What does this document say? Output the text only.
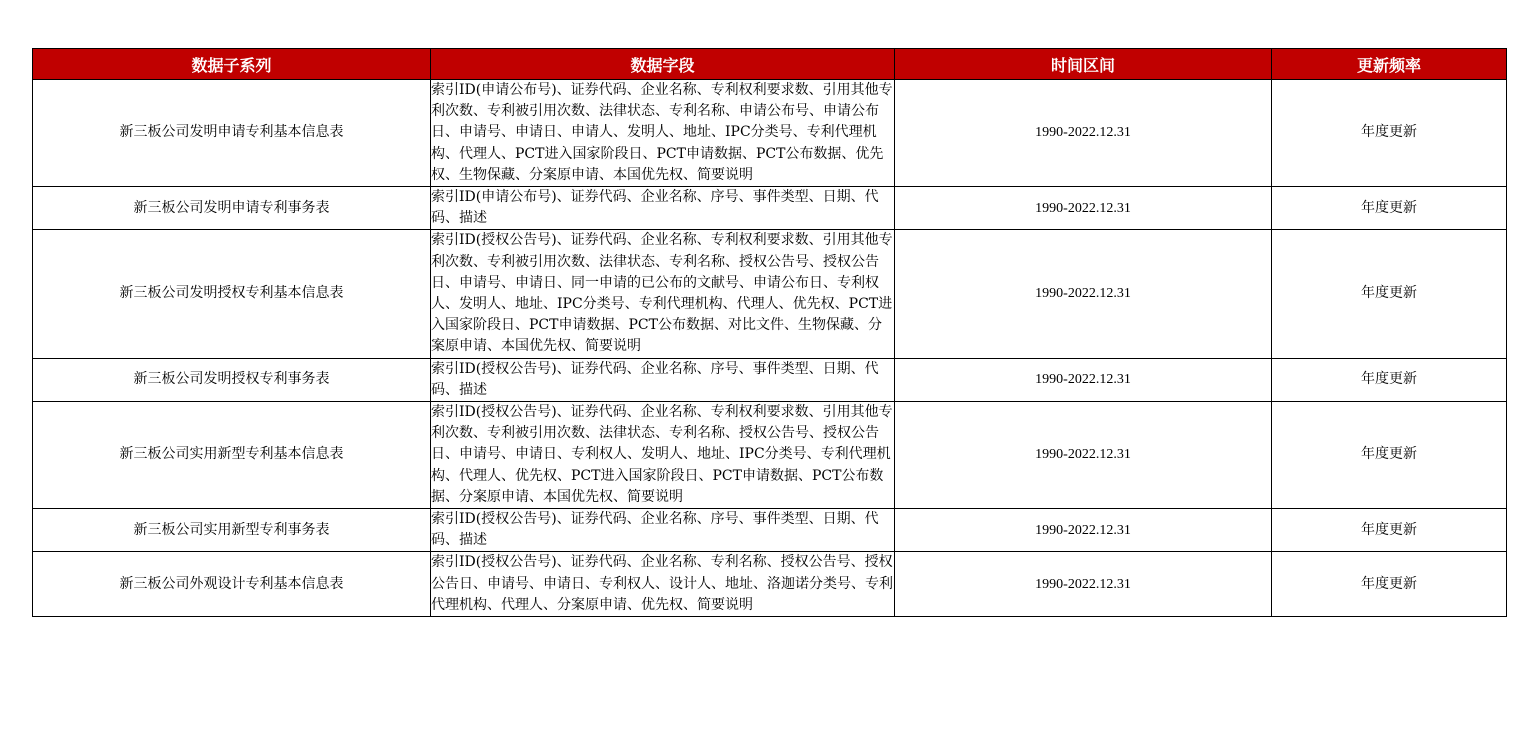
数据子系列	数据字段	时间区间	更新频率
新三板公司发明申请专利基本信息表	索引ID(申请公布号)、证券代码、企业名称、专利权利要求数、引用其他专利次数、专利被引用次数、法律状态、专利名称、申请公布号、申请公布日、申请号、申请日、申请人、发明人、地址、IPC分类号、专利代理机构、代理人、PCT进入国家阶段日、PCT申请数据、PCT公布数据、优先权、生物保藏、分案原申请、本国优先权、简要说明	1990-2022.12.31	年度更新
新三板公司发明申请专利事务表	索引ID(申请公布号)、证券代码、企业名称、序号、事件类型、日期、代码、描述	1990-2022.12.31	年度更新
新三板公司发明授权专利基本信息表	索引ID(授权公告号)、证券代码、企业名称、专利权利要求数、引用其他专利次数、专利被引用次数、法律状态、专利名称、授权公告号、授权公告日、申请号、申请日、同一申请的已公布的文献号、申请公布日、专利权人、发明人、地址、IPC分类号、专利代理机构、代理人、优先权、PCT进入国家阶段日、PCT申请数据、PCT公布数据、对比文件、生物保藏、分案原申请、本国优先权、简要说明	1990-2022.12.31	年度更新
新三板公司发明授权专利事务表	索引ID(授权公告号)、证券代码、企业名称、序号、事件类型、日期、代码、描述	1990-2022.12.31	年度更新
新三板公司实用新型专利基本信息表	索引ID(授权公告号)、证券代码、企业名称、专利权利要求数、引用其他专利次数、专利被引用次数、法律状态、专利名称、授权公告号、授权公告日、申请号、申请日、专利权人、发明人、地址、IPC分类号、专利代理机构、代理人、优先权、PCT进入国家阶段日、PCT申请数据、PCT公布数据、分案原申请、本国优先权、简要说明	1990-2022.12.31	年度更新
新三板公司实用新型专利事务表	索引ID(授权公告号)、证券代码、企业名称、序号、事件类型、日期、代码、描述	1990-2022.12.31	年度更新
新三板公司外观设计专利基本信息表	索引ID(授权公告号)、证券代码、企业名称、专利名称、授权公告号、授权公告日、申请号、申请日、专利权人、设计人、地址、洛迦诺分类号、专利代理机构、代理人、分案原申请、优先权、简要说明	1990-2022.12.31	年度更新
